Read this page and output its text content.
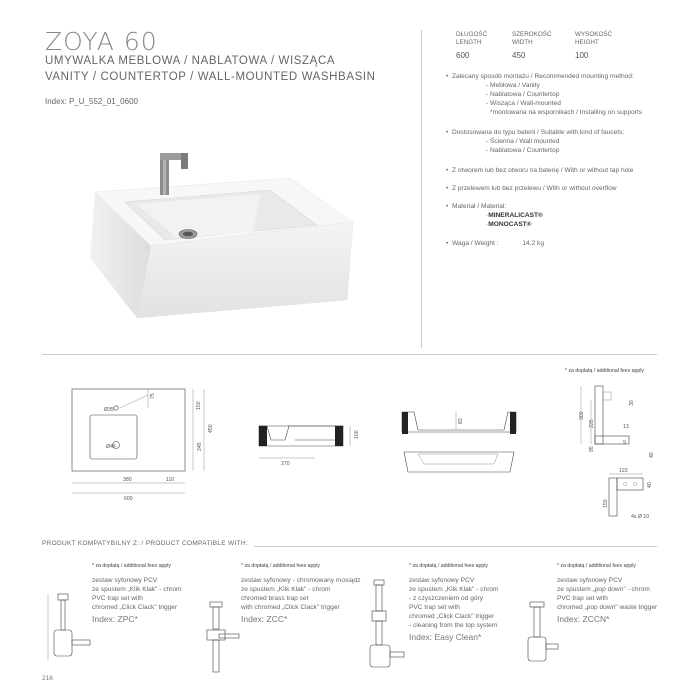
ZOYA 60
UMYWALKA MEBLOWA / NABLATOWA / WISZĄCA
VANITY / COUNTERTOP / WALL-MOUNTED WASHBASIN
Index: P_U_552_01_0600
DŁUGOŚĆ
LENGTH
600
SZEROKOŚĆ
WIDTH
450
WYSOKOŚĆ
HEIGHT
100
• Zalecany sposób montażu / Recommended mounting method:
- Meblowa / Vanity
- Nablatowa / Countertop
- Wisząca / Wall-mounted
*montowana na wspornikach / Installing on supports
• Dostosowana do typu baterii / Suitable with kind of faucets:
- Ścienna / Wall mounted
- Nablatowa / Countertop
• Z otworem lub bez otworu na baterię / With or without tap hole
• Z przelewem lub bez przelewu / With or without overflow
• Materiał / Material:
·MINERALICAST®
·MONOCAST®
• Waga / Weight :	14,2 kg
* za dopłatą / additional fees apply
Ø35
Ø46
75
150
245
450
380	110
600
100
270
83
300
225
30
13
9
95
40
122
40
150
4x Ø 10
PRODUKT KOMPATYBILNY Z: / PRODUCT COMPATIBLE WITH:
* za dopłatą / additional fees apply
zestaw syfonowy PCV
ze spustem „Klik Klak" - chrom
PVC trap set with
chromed „Click Clack" trigger
Index: ZPC*
* za dopłatą / additional fees apply
zestaw syfonowy - chromowany mosiądz
ze spustem „Klik Klak" - chrom
chromed brass trap set
with chromed „Click Clack" trigger
Index: ZCC*
* za dopłatą / additional fees apply
zestaw syfonowy PCV
ze spustem „Klik Klak" - chrom
- z czyszczeniem od góry
PVC trap set with
chromed „Click Clack" trigger
- cleaning from the top system
Index: Easy Clean*
* za dopłatą / additional fees apply
zestaw syfonowy PCV
ze spustem „pop down" - chrom
PVC trap set with
chromed „pop down" waste trigger
Index: ZCCN*
216
